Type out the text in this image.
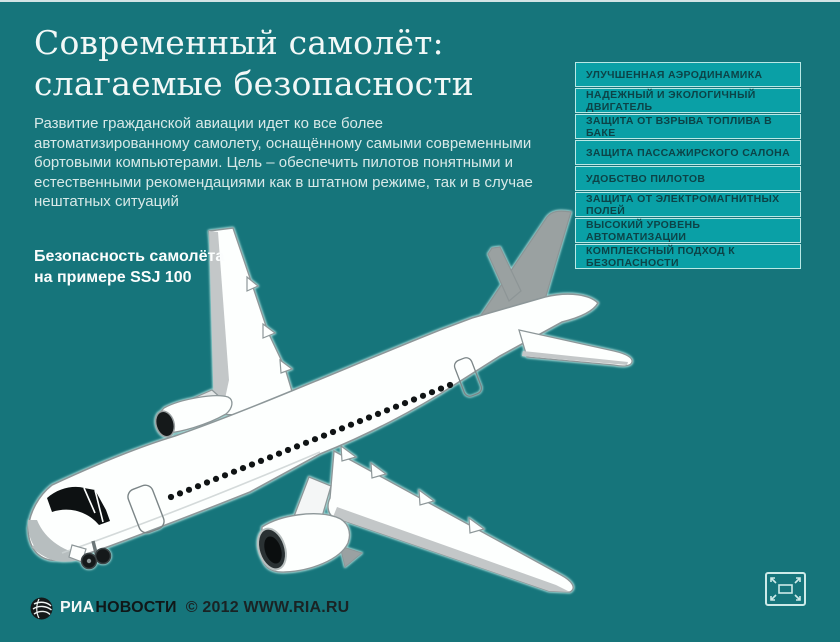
Современный самолёт:
слагаемые безопасности
Развитие гражданской авиации идет ко все более автоматизированному самолету, оснащённому самыми современными бортовыми компьютерами. Цель – обеспечить пилотов понятными и естественными рекомендациями как в штатном режиме, так и в случае нештатных ситуаций
УЛУЧШЕННАЯ АЭРОДИНАМИКА
НАДЕЖНЫЙ И ЭКОЛОГИЧНЫЙ ДВИГАТЕЛЬ
ЗАЩИТА ОТ ВЗРЫВА ТОПЛИВА В БАКЕ
ЗАЩИТА ПАССАЖИРСКОГО САЛОНА
УДОБСТВО ПИЛОТОВ
ЗАЩИТА ОТ ЭЛЕКТРОМАГНИТНЫХ ПОЛЕЙ
ВЫСОКИЙ УРОВЕНЬ АВТОМАТИЗАЦИИ
КОМПЛЕКСНЫЙ ПОДХОД К БЕЗОПАСНОСТИ
Безопасность самолёта
на примере SSJ 100
РИА НОВОСТИ © 2012 WWW.RIA.RU
